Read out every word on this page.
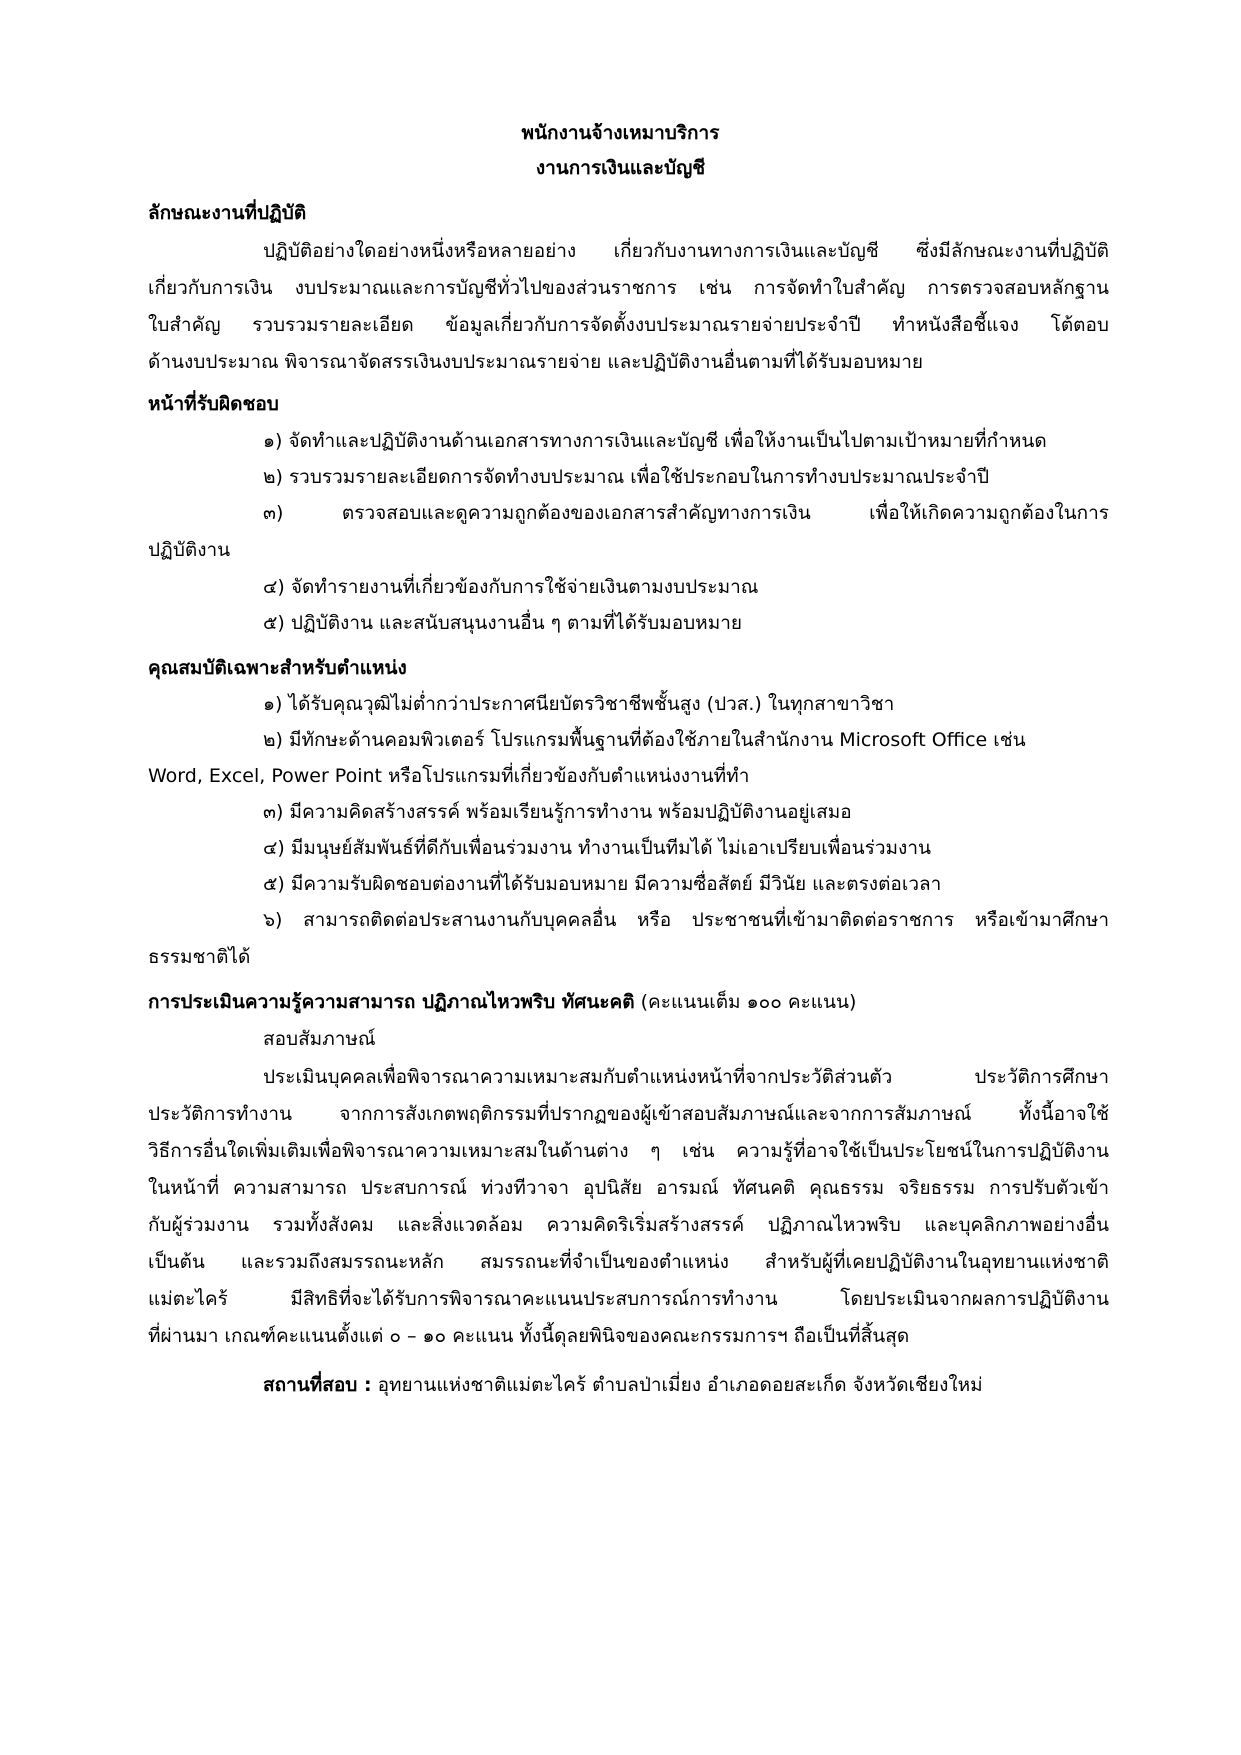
พนักงานจ้างเหมาบริการ
งานการเงินและบัญชี
ลักษณะงานที่ปฏิบัติ
ปฏิบัติอย่างใดอย่างหนึ่งหรือหลายอย่าง เกี่ยวกับงานทางการเงินและบัญชี ซึ่งมีลักษณะงานที่ปฏิบัติ
เกี่ยวกับการเงิน งบประมาณและการบัญชีทั่วไปของส่วนราชการ เช่น การจัดทำใบสำคัญ การตรวจสอบหลักฐาน
ใบสำคัญ รวบรวมรายละเอียด ข้อมูลเกี่ยวกับการจัดตั้งงบประมาณรายจ่ายประจำปี ทำหนังสือชี้แจง โต้ตอบ
ด้านงบประมาณ พิจารณาจัดสรรเงินงบประมาณรายจ่าย และปฏิบัติงานอื่นตามที่ได้รับมอบหมาย
หน้าที่รับผิดชอบ
๑) จัดทำและปฏิบัติงานด้านเอกสารทางการเงินและบัญชี เพื่อให้งานเป็นไปตามเป้าหมายที่กำหนด
๒) รวบรวมรายละเอียดการจัดทำงบประมาณ เพื่อใช้ประกอบในการทำงบประมาณประจำปี
๓) ตรวจสอบและดูความถูกต้องของเอกสารสำคัญทางการเงิน เพื่อให้เกิดความถูกต้องในการ
ปฏิบัติงาน
๔) จัดทำรายงานที่เกี่ยวข้องกับการใช้จ่ายเงินตามงบประมาณ
๕) ปฏิบัติงาน และสนับสนุนงานอื่น ๆ ตามที่ได้รับมอบหมาย
คุณสมบัติเฉพาะสำหรับตำแหน่ง
๑) ได้รับคุณวุฒิไม่ต่ำกว่าประกาศนียบัตรวิชาชีพชั้นสูง (ปวส.) ในทุกสาขาวิชา
๒) มีทักษะด้านคอมพิวเตอร์ โปรแกรมพื้นฐานที่ต้องใช้ภายในสำนักงาน Microsoft Office เช่น
Word, Excel, Power Point หรือโปรแกรมที่เกี่ยวข้องกับตำแหน่งงานที่ทำ
๓) มีความคิดสร้างสรรค์ พร้อมเรียนรู้การทำงาน พร้อมปฏิบัติงานอยู่เสมอ
๔) มีมนุษย์สัมพันธ์ที่ดีกับเพื่อนร่วมงาน ทำงานเป็นทีมได้ ไม่เอาเปรียบเพื่อนร่วมงาน
๕) มีความรับผิดชอบต่องานที่ได้รับมอบหมาย มีความซื่อสัตย์ มีวินัย และตรงต่อเวลา
๖) สามารถติดต่อประสานงานกับบุคคลอื่น หรือ ประชาชนที่เข้ามาติดต่อราชการ หรือเข้ามาศึกษา
ธรรมชาติได้
การประเมินความรู้ความสามารถ ปฏิภาณไหวพริบ ทัศนะคติ (คะแนนเต็ม ๑๐๐ คะแนน)
สอบสัมภาษณ์
ประเมินบุคคลเพื่อพิจารณาความเหมาะสมกับตำแหน่งหน้าที่จากประวัติส่วนตัว ประวัติการศึกษา
ประวัติการทำงาน จากการสังเกตพฤติกรรมที่ปรากฏของผู้เข้าสอบสัมภาษณ์และจากการสัมภาษณ์ ทั้งนี้อาจใช้
วิธีการอื่นใดเพิ่มเติมเพื่อพิจารณาความเหมาะสมในด้านต่าง ๆ เช่น ความรู้ที่อาจใช้เป็นประโยชน์ในการปฏิบัติงาน
ในหน้าที่ ความสามารถ ประสบการณ์ ท่วงทีวาจา อุปนิสัย อารมณ์ ทัศนคติ คุณธรรม จริยธรรม การปรับตัวเข้า
กับผู้ร่วมงาน รวมทั้งสังคม และสิ่งแวดล้อม ความคิดริเริ่มสร้างสรรค์ ปฏิภาณไหวพริบ และบุคลิกภาพอย่างอื่น
เป็นต้น และรวมถึงสมรรถนะหลัก สมรรถนะที่จำเป็นของตำแหน่ง สำหรับผู้ที่เคยปฏิบัติงานในอุทยานแห่งชาติ
แม่ตะไคร้ มีสิทธิที่จะได้รับการพิจารณาคะแนนประสบการณ์การทำงาน โดยประเมินจากผลการปฏิบัติงาน
ที่ผ่านมา เกณฑ์คะแนนตั้งแต่ ๐ – ๑๐ คะแนน ทั้งนี้ดุลยพินิจของคณะกรรมการฯ ถือเป็นที่สิ้นสุด
สถานที่สอบ : อุทยานแห่งชาติแม่ตะไคร้ ตำบลป่าเมี่ยง อำเภอดอยสะเก็ด จังหวัดเชียงใหม่
